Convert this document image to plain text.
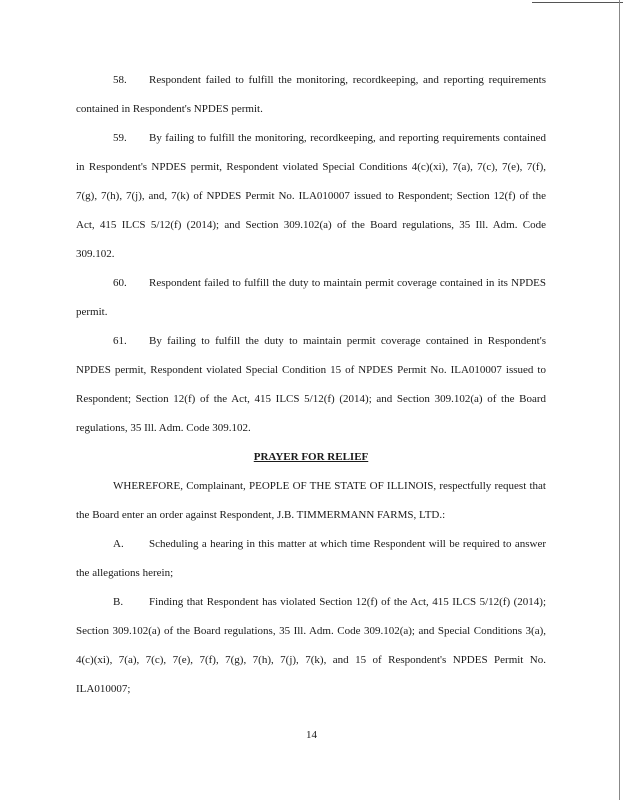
58. Respondent failed to fulfill the monitoring, recordkeeping, and reporting requirements contained in Respondent's NPDES permit.

59. By failing to fulfill the monitoring, recordkeeping, and reporting requirements contained in Respondent's NPDES permit, Respondent violated Special Conditions 4(c)(xi), 7(a), 7(c), 7(e), 7(f), 7(g), 7(h), 7(j), and, 7(k) of NPDES Permit No. ILA010007 issued to Respondent; Section 12(f) of the Act, 415 ILCS 5/12(f) (2014); and Section 309.102(a) of the Board regulations, 35 Ill. Adm. Code 309.102.

60. Respondent failed to fulfill the duty to maintain permit coverage contained in its NPDES permit.

61. By failing to fulfill the duty to maintain permit coverage contained in Respondent's NPDES permit, Respondent violated Special Condition 15 of NPDES Permit No. ILA010007 issued to Respondent; Section 12(f) of the Act, 415 ILCS 5/12(f) (2014); and Section 309.102(a) of the Board regulations, 35 Ill. Adm. Code 309.102.

PRAYER FOR RELIEF

WHEREFORE, Complainant, PEOPLE OF THE STATE OF ILLINOIS, respectfully request that the Board enter an order against Respondent, J.B. TIMMERMANN FARMS, LTD.:

A. Scheduling a hearing in this matter at which time Respondent will be required to answer the allegations herein;

B. Finding that Respondent has violated Section 12(f) of the Act, 415 ILCS 5/12(f) (2014); Section 309.102(a) of the Board regulations, 35 Ill. Adm. Code 309.102(a); and Special Conditions 3(a), 4(c)(xi), 7(a), 7(c), 7(e), 7(f), 7(g), 7(h), 7(j), 7(k), and 15 of Respondent's NPDES Permit No. ILA010007;

14
